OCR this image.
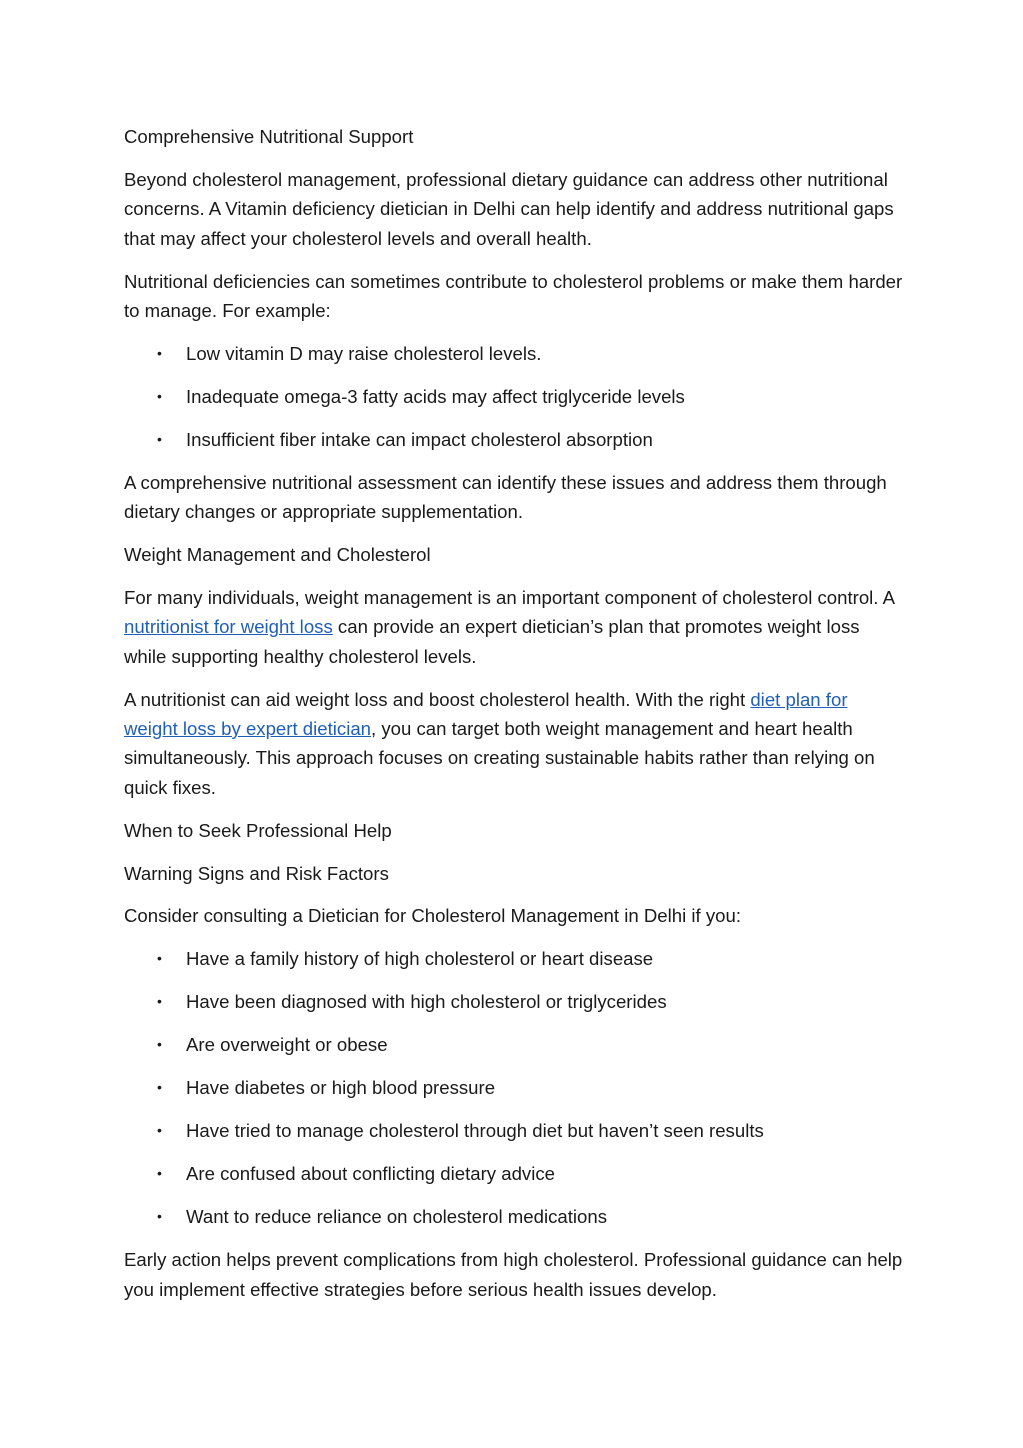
Comprehensive Nutritional Support

Beyond cholesterol management, professional dietary guidance can address other nutritional concerns. A Vitamin deficiency dietician in Delhi can help identify and address nutritional gaps that may affect your cholesterol levels and overall health.

Nutritional deficiencies can sometimes contribute to cholesterol problems or make them harder to manage. For example:

• Low vitamin D may raise cholesterol levels.
• Inadequate omega-3 fatty acids may affect triglyceride levels
• Insufficient fiber intake can impact cholesterol absorption

A comprehensive nutritional assessment can identify these issues and address them through dietary changes or appropriate supplementation.

Weight Management and Cholesterol

For many individuals, weight management is an important component of cholesterol control. A nutritionist for weight loss can provide an expert dietician’s plan that promotes weight loss while supporting healthy cholesterol levels.

A nutritionist can aid weight loss and boost cholesterol health. With the right diet plan for weight loss by expert dietician, you can target both weight management and heart health simultaneously. This approach focuses on creating sustainable habits rather than relying on quick fixes.

When to Seek Professional Help

Warning Signs and Risk Factors

Consider consulting a Dietician for Cholesterol Management in Delhi if you:

• Have a family history of high cholesterol or heart disease
• Have been diagnosed with high cholesterol or triglycerides
• Are overweight or obese
• Have diabetes or high blood pressure
• Have tried to manage cholesterol through diet but haven’t seen results
• Are confused about conflicting dietary advice
• Want to reduce reliance on cholesterol medications

Early action helps prevent complications from high cholesterol. Professional guidance can help you implement effective strategies before serious health issues develop.
